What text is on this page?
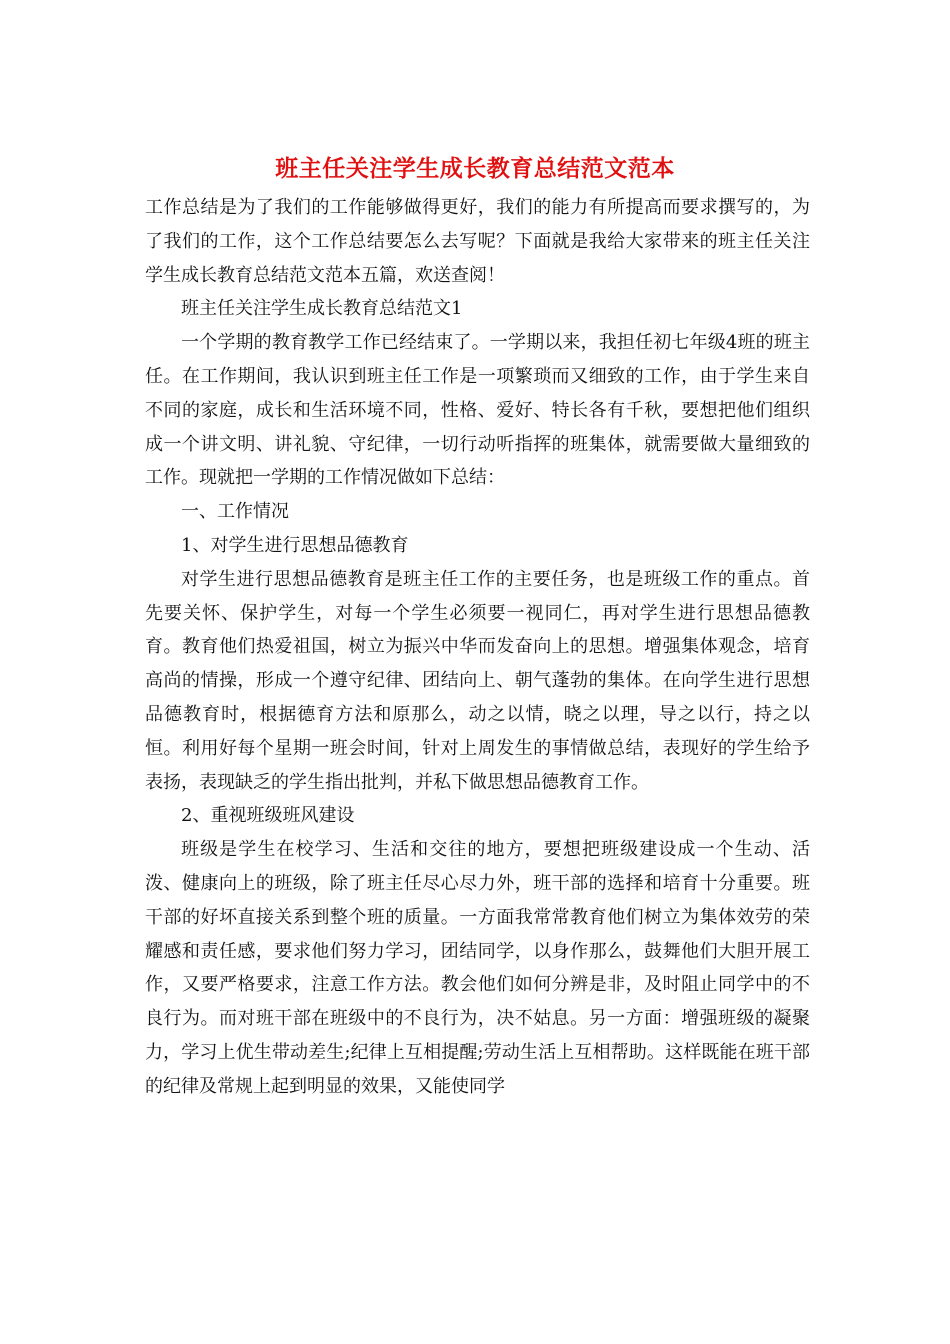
班主任关注学生成长教育总结范文范本

工作总结是为了我们的工作能够做得更好，我们的能力有所提高而要求撰写的，为了我们的工作，这个工作总结要怎么去写呢？下面就是我给大家带来的班主任关注学生成长教育总结范文范本五篇，欢送查阅！

班主任关注学生成长教育总结范文1

一个学期的教育教学工作已经结束了。一学期以来，我担任初七年级4班的班主任。在工作期间，我认识到班主任工作是一项繁琐而又细致的工作，由于学生来自不同的家庭，成长和生活环境不同，性格、爱好、特长各有千秋，要想把他们组织成一个讲文明、讲礼貌、守纪律，一切行动听指挥的班集体，就需要做大量细致的工作。现就把一学期的工作情况做如下总结：

一、工作情况

1、对学生进行思想品德教育

对学生进行思想品德教育是班主任工作的主要任务，也是班级工作的重点。首先要关怀、保护学生，对每一个学生必须要一视同仁，再对学生进行思想品德教育。教育他们热爱祖国，树立为振兴中华而发奋向上的思想。增强集体观念，培育高尚的情操，形成一个遵守纪律、团结向上、朝气蓬勃的集体。在向学生进行思想品德教育时，根据德育方法和原那么，动之以情，晓之以理，导之以行，持之以恒。利用好每个星期一班会时间，针对上周发生的事情做总结，表现好的学生给予表扬，表现缺乏的学生指出批判，并私下做思想品德教育工作。

2、重视班级班风建设

班级是学生在校学习、生活和交往的地方，要想把班级建设成一个生动、活泼、健康向上的班级，除了班主任尽心尽力外，班干部的选择和培育十分重要。班干部的好坏直接关系到整个班的质量。一方面我常常教育他们树立为集体效劳的荣耀感和责任感，要求他们努力学习，团结同学，以身作那么，鼓舞他们大胆开展工作，又要严格要求，注意工作方法。教会他们如何分辨是非，及时阻止同学中的不良行为。而对班干部在班级中的不良行为，决不姑息。另一方面：增强班级的凝聚力，学习上优生带动差生;纪律上互相提醒;劳动生活上互相帮助。这样既能在班干部的纪律及常规上起到明显的效果，又能使同学
